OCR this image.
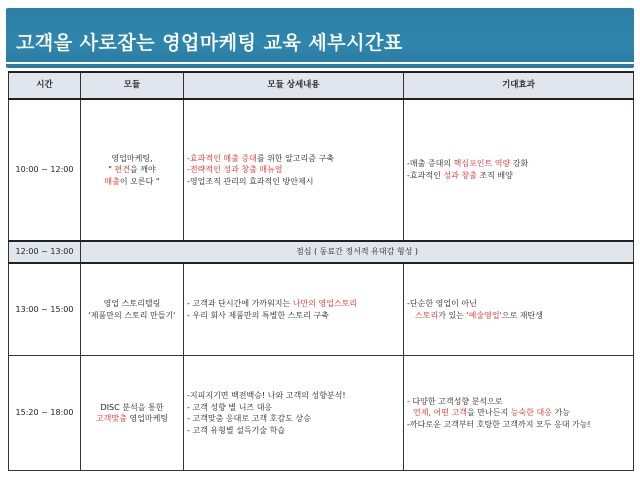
고객을 사로잡는 영업마케팅 교육 세부시간표
시간	모듈	모듈 상세내용	기대효과
10:00 ~ 12:00	영업마케팅,
" 편견을 깨야
매출이 오른다 "	-효과적인 매출 증대를 위한 알고리즘 구축
-전략적인 성과 창출 매뉴얼
-영업조직 관리의 효과적인 방안제시	-매출 증대의 핵심포인트 역량 강화
-효과적인 성과 창출 조직 배양

12:00 ~ 13:00	점심 ( 동료간 정서적 유대감 형성 )		
13:00 ~ 15:00	영업 스토리텔링
'제품만의 스토리 만들기'	- 고객과 단시간에 가까워지는 나만의 영업스토리
- 우리 회사 제품만의 특별한 스토리 구축	-단순한 영업이 아닌
스토리가 있는 '예술영업'으로 재탄생

15:20 ~ 18:00	DISC 분석을 통한
고객맞춤 영업마케팅	-지피지기면 백전백승! 나와 고객의 성향분석!
- 고객 성향 별 니즈 대응
- 고객맞춤 응대로 고객 호감도 상승
- 고객 유형별 설득기술 학습	- 다양한 고객성향 분석으로
언제, 어떤 고객을 만나든지 능숙한 대응 가능
-까다로운 고객부터 호탕한 고객까지 모두 응대 가능!
